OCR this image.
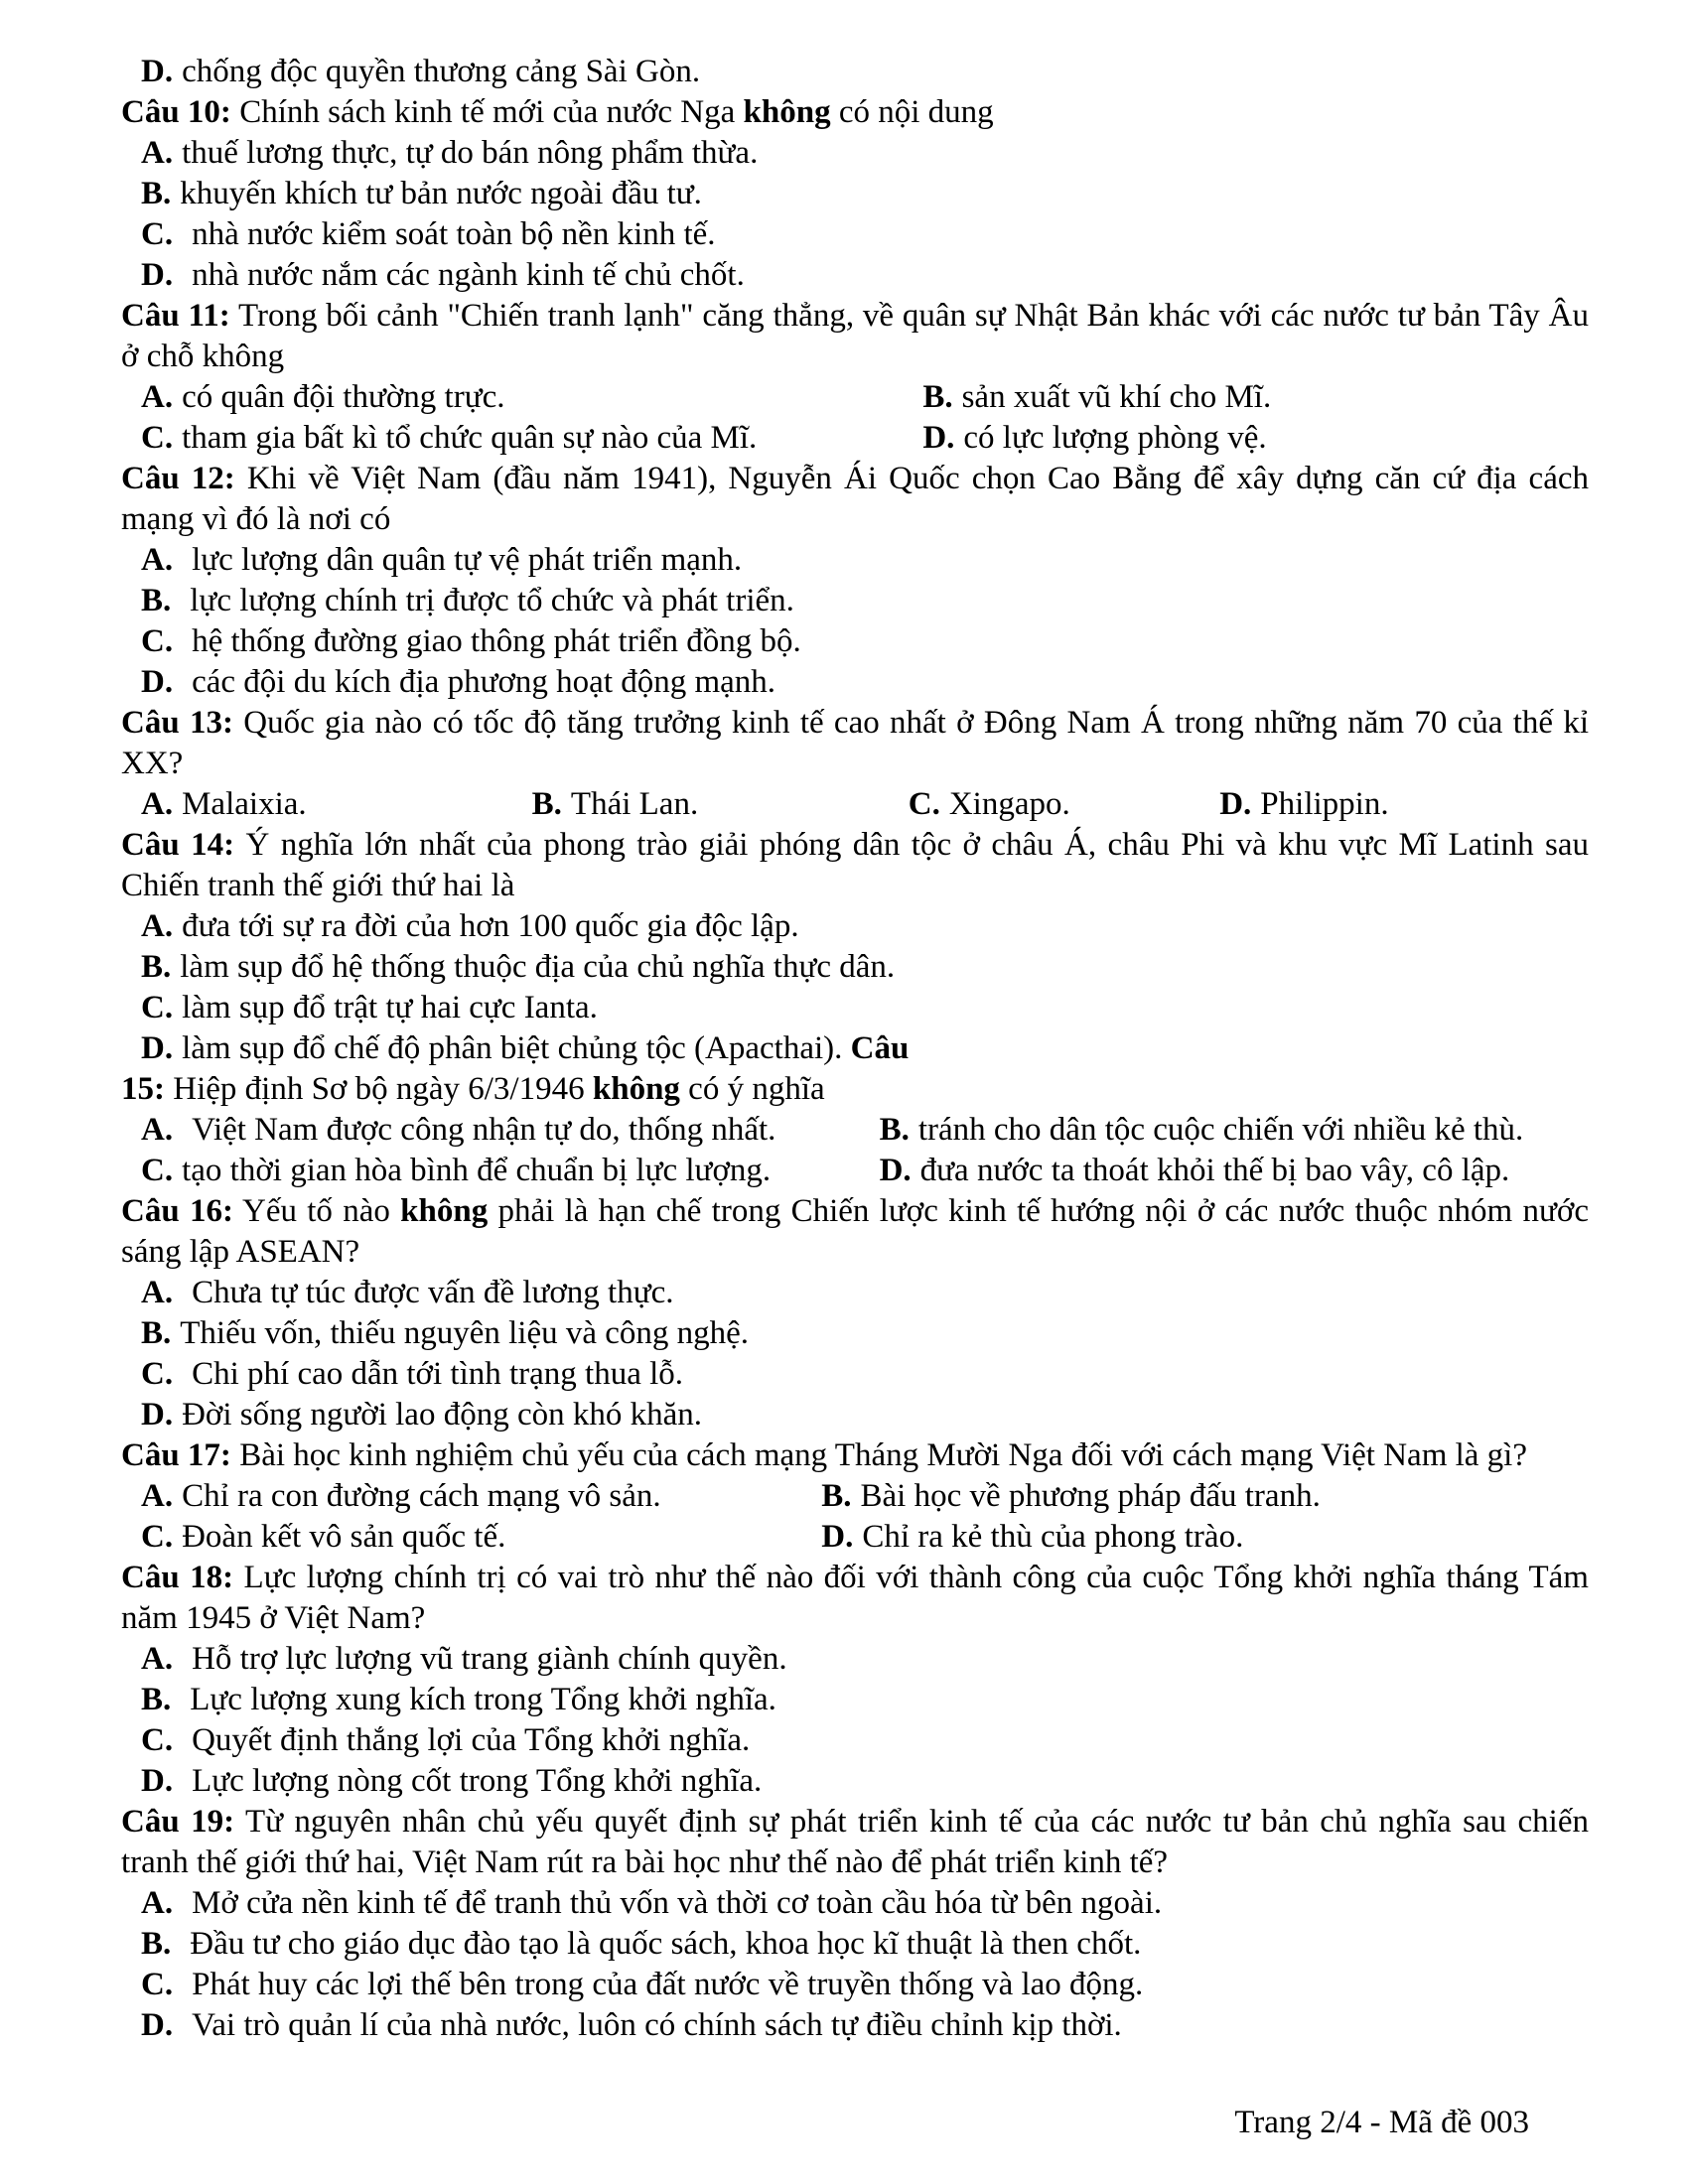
D. chống độc quyền thương cảng Sài Gòn.
Câu 10: Chính sách kinh tế mới của nước Nga không có nội dung
A. thuế lương thực, tự do bán nông phẩm thừa.
B. khuyến khích tư bản nước ngoài đầu tư.
C. nhà nước kiểm soát toàn bộ nền kinh tế.
D. nhà nước nắm các ngành kinh tế chủ chốt.
Câu 11: Trong bối cảnh "Chiến tranh lạnh" căng thẳng, về quân sự Nhật Bản khác với các nước tư bản Tây Âu ở chỗ không
A. có quân đội thường trực.	B. sản xuất vũ khí cho Mĩ.
C. tham gia bất kì tổ chức quân sự nào của Mĩ.	D. có lực lượng phòng vệ.
Câu 12: Khi về Việt Nam (đầu năm 1941), Nguyễn Ái Quốc chọn Cao Bằng để xây dựng căn cứ địa cách mạng vì đó là nơi có
A. lực lượng dân quân tự vệ phát triển mạnh.
B. lực lượng chính trị được tổ chức và phát triển.
C. hệ thống đường giao thông phát triển đồng bộ.
D. các đội du kích địa phương hoạt động mạnh.
Câu 13: Quốc gia nào có tốc độ tăng trưởng kinh tế cao nhất ở Đông Nam Á trong những năm 70 của thế kỉ XX?
A. Malaixia.	B. Thái Lan.	C. Xingapo.	D. Philippin.
Câu 14: Ý nghĩa lớn nhất của phong trào giải phóng dân tộc ở châu Á, châu Phi và khu vực Mĩ Latinh sau Chiến tranh thế giới thứ hai là
A. đưa tới sự ra đời của hơn 100 quốc gia độc lập.
B. làm sụp đổ hệ thống thuộc địa của chủ nghĩa thực dân.
C. làm sụp đổ trật tự hai cực Ianta.
D. làm sụp đổ chế độ phân biệt chủng tộc (Apacthai). Câu
15: Hiệp định Sơ bộ ngày 6/3/1946 không có ý nghĩa
A. Việt Nam được công nhận tự do, thống nhất.	B. tránh cho dân tộc cuộc chiến với nhiều kẻ thù.
C. tạo thời gian hòa bình để chuẩn bị lực lượng.	D. đưa nước ta thoát khỏi thế bị bao vây, cô lập.
Câu 16: Yếu tố nào không phải là hạn chế trong Chiến lược kinh tế hướng nội ở các nước thuộc nhóm nước sáng lập ASEAN?
A. Chưa tự túc được vấn đề lương thực.
B. Thiếu vốn, thiếu nguyên liệu và công nghệ.
C. Chi phí cao dẫn tới tình trạng thua lỗ.
D. Đời sống người lao động còn khó khăn.
Câu 17: Bài học kinh nghiệm chủ yếu của cách mạng Tháng Mười Nga đối với cách mạng Việt Nam là gì?
A. Chỉ ra con đường cách mạng vô sản.	B. Bài học về phương pháp đấu tranh.
C. Đoàn kết vô sản quốc tế.	D. Chỉ ra kẻ thù của phong trào.
Câu 18: Lực lượng chính trị có vai trò như thế nào đối với thành công của cuộc Tổng khởi nghĩa tháng Tám năm 1945 ở Việt Nam?
A. Hỗ trợ lực lượng vũ trang giành chính quyền.
B. Lực lượng xung kích trong Tổng khởi nghĩa.
C. Quyết định thắng lợi của Tổng khởi nghĩa.
D. Lực lượng nòng cốt trong Tổng khởi nghĩa.
Câu 19: Từ nguyên nhân chủ yếu quyết định sự phát triển kinh tế của các nước tư bản chủ nghĩa sau chiến tranh thế giới thứ hai, Việt Nam rút ra bài học như thế nào để phát triển kinh tế?
A. Mở cửa nền kinh tế để tranh thủ vốn và thời cơ toàn cầu hóa từ bên ngoài.
B. Đầu tư cho giáo dục đào tạo là quốc sách, khoa học kĩ thuật là then chốt.
C. Phát huy các lợi thế bên trong của đất nước về truyền thống và lao động.
D. Vai trò quản lí của nhà nước, luôn có chính sách tự điều chỉnh kịp thời.
Trang 2/4 - Mã đề 003
